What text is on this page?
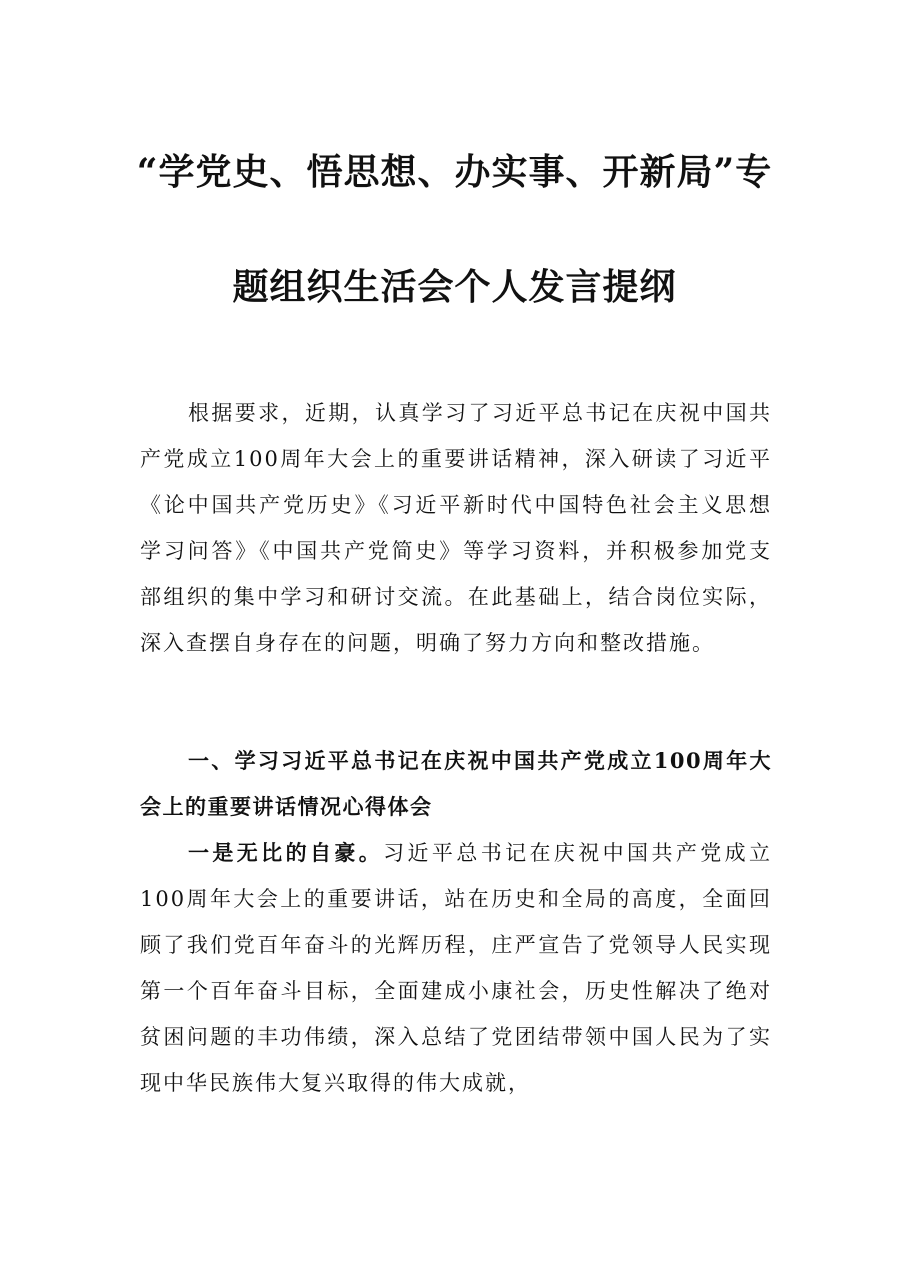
“学党史、悟思想、办实事、开新局”专
题组织生活会个人发言提纲
根据要求，近期，认真学习了习近平总书记在庆祝中国共产党成立100周年大会上的重要讲话精神，深入研读了习近平《论中国共产党历史》《习近平新时代中国特色社会主义思想学习问答》《中国共产党简史》等学习资料，并积极参加党支部组织的集中学习和研讨交流。在此基础上，结合岗位实际，深入查摆自身存在的问题，明确了努力方向和整改措施。
一、学习习近平总书记在庆祝中国共产党成立100周年大会上的重要讲话情况心得体会
一是无比的自豪。习近平总书记在庆祝中国共产党成立100周年大会上的重要讲话，站在历史和全局的高度，全面回顾了我们党百年奋斗的光辉历程，庄严宣告了党领导人民实现第一个百年奋斗目标，全面建成小康社会，历史性解决了绝对贫困问题的丰功伟绩，深入总结了党团结带领中国人民为了实现中华民族伟大复兴取得的伟大成就，
